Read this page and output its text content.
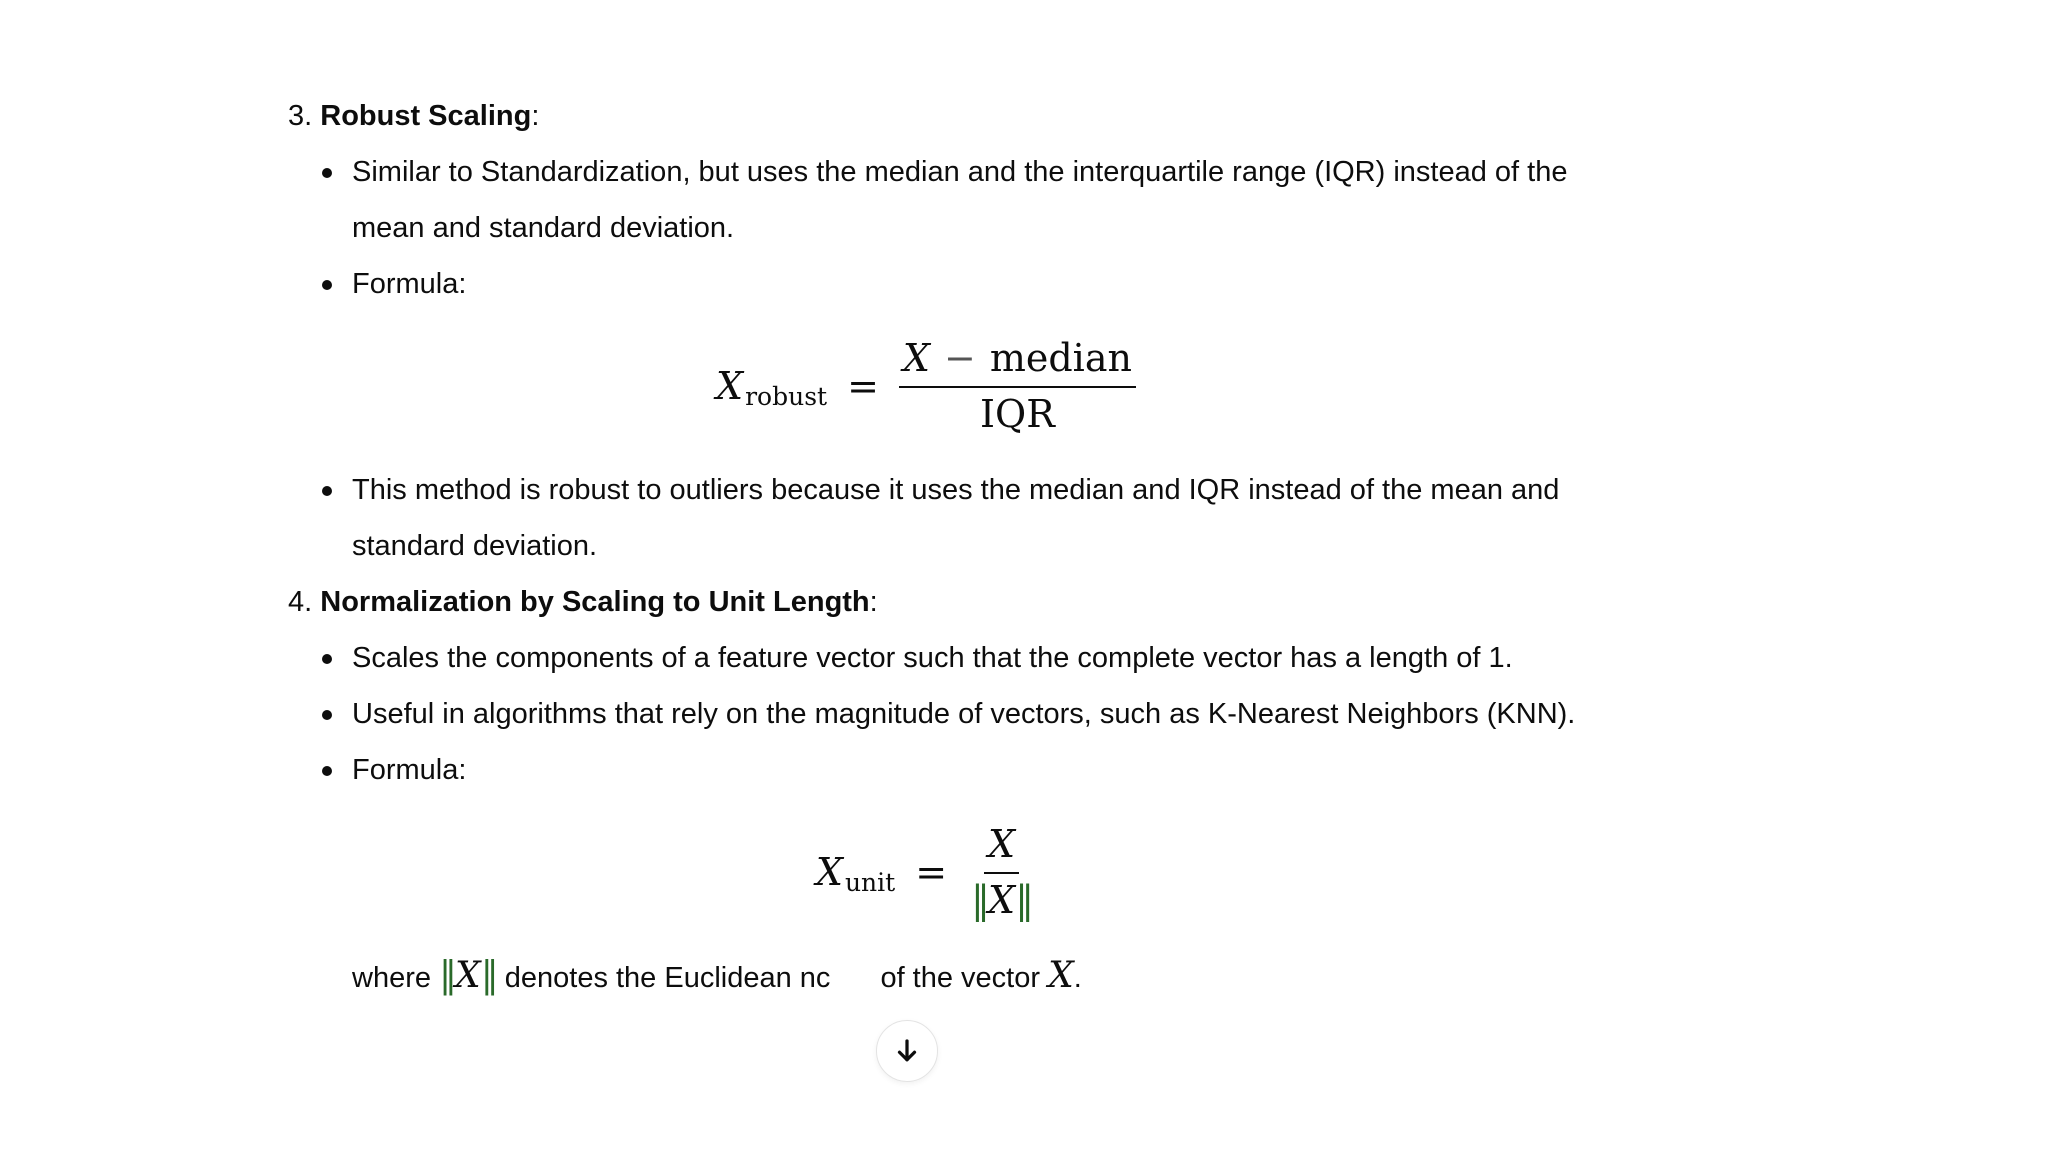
3. Robust Scaling:
Similar to Standardization, but uses the median and the interquartile range (IQR) instead of the mean and standard deviation.
Formula:
X robust = $\frac{\text{X − median}}{\text{IQR}}$
This method is robust to outliers because it uses the median and IQR instead of the mean and standard deviation.
4. Normalization by Scaling to Unit Length:
Scales the components of a feature vector such that the complete vector has a length of 1.
Useful in algorithms that rely on the magnitude of vectors, such as K-Nearest Neighbors (KNN).
Formula:
X unit = $\frac{X}{‖X‖}$
where ‖X‖ denotes the Euclidean nc of the vector X.
